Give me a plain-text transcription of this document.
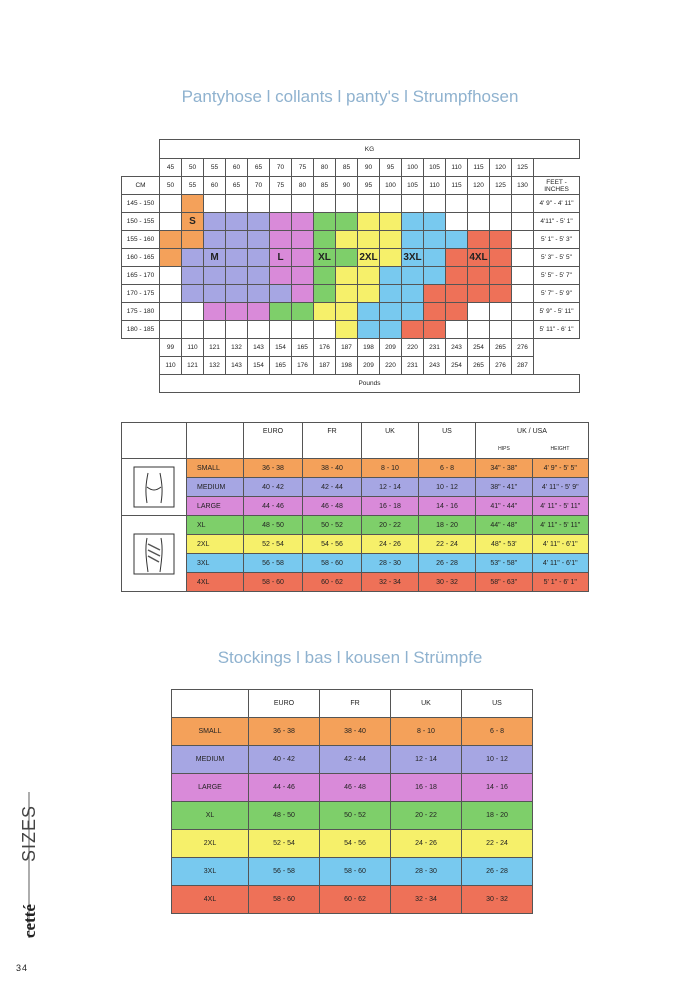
Pantyhose l collants l panty's l Strumpfhosen
	KG																	
	45	50	55	60	65	70	75	80	85	90	95	100	105	110	115	120	125	
CM	50	55	60	65	70	75	80	85	90	95	100	105	110	115	120	125	130	FEET - INCHES
145 - 150																		4' 9" - 4' 11"
150 - 155		S																4'11" - 5' 1"
155 - 160																		5' 1" - 5' 3"
160 - 165			M			L		XL		2XL		3XL			4XL			5' 3" - 5' 5"
165 - 170																		5' 5" - 5' 7"
170 - 175																		5' 7" - 5' 9"
175 - 180																		5' 9" - 5' 11"
180 - 185																		5' 11" - 6' 1"
	99	110	121	132	143	154	165	176	187	198	209	220	231	243	254	265	276	
	110	121	132	143	154	165	176	187	198	209	220	231	243	254	265	276	287	
	Pounds																	
		EURO	FR	UK	US	UK / USA	
						HIPS	HEIGHT

	SMALL	36 - 38	38 - 40	8 - 10	6 - 8	34" - 38"	4' 9" - 5' 5"
	MEDIUM	40 - 42	42 - 44	12 - 14	10 - 12	38" - 41"	4' 11" - 5' 9"
	LARGE	44 - 46	46 - 48	16 - 18	14 - 16	41" - 44"	4' 11" - 5' 11"

	XL	48 - 50	50 - 52	20 - 22	18 - 20	44" - 48"	4' 11" - 5' 11"
	2XL	52 - 54	54 - 56	24 - 26	22 - 24	48" - 53'	4' 11" - 6'1"
	3XL	56 - 58	58 - 60	28 - 30	26 - 28	53" - 58"	4' 11" - 6'1"
	4XL	58 - 60	60 - 62	32 - 34	30 - 32	58" - 63"	5' 1" - 6' 1"
Stockings l bas l kousen l Strümpfe
	EURO	FR	UK	US
SMALL	36 - 38	38 - 40	8 - 10	6 - 8
MEDIUM	40 - 42	42 - 44	12 - 14	10 - 12
LARGE	44 - 46	46 - 48	16 - 18	14 - 16
XL	48 - 50	50 - 52	20 - 22	18 - 20
2XL	52 - 54	54 - 56	24 - 26	22 - 24
3XL	56 - 58	58 - 60	28 - 30	26 - 28
4XL	58 - 60	60 - 62	32 - 34	30 - 32
cetté
SIZES
34
